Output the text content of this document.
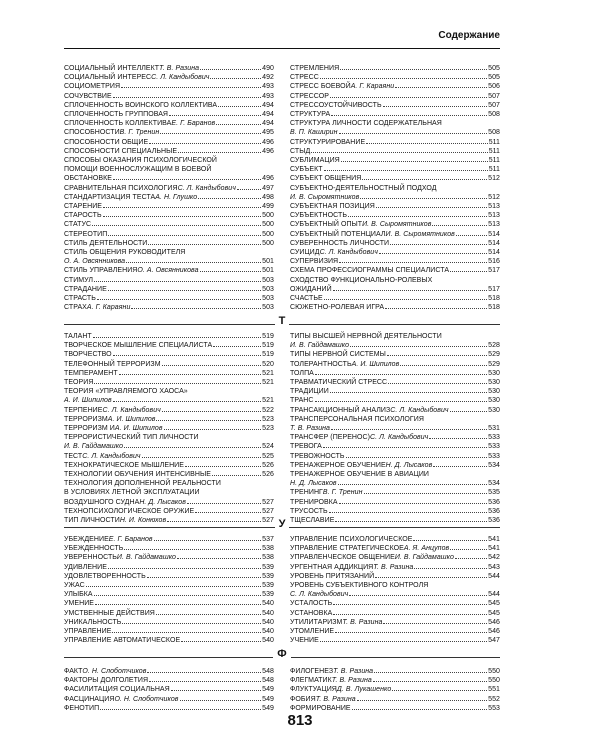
Содержание
СОЦИАЛЬНЫЙ ИНТЕЛЛЕКТ Т. В. Разина	490
СОЦИАЛЬНЫЙ ИНТЕРЕС С. Л. Кандыбович	492
СОЦИОМЕТРИЯ	493
СОЧУВСТВИЕ	493
СПЛОЧЕННОСТЬ ВОИНСКОГО КОЛЛЕКТИВА	494
СПЛОЧЕННОСТЬ ГРУППОВАЯ	494
СПЛОЧЕННОСТЬ КОЛЛЕКТИВА Е. Г. Баранов	494
СПОСОБНОСТИ В. Г. Тренин	495
СПОСОБНОСТИ ОБЩИЕ	496
СПОСОБНОСТИ СПЕЦИАЛЬНЫЕ	496
СПОСОБЫ ОКАЗАНИЯ ПСИХОЛОГИЧЕСКОЙ
ПОМОЩИ ВОЕННОСЛУЖАЩИМ В БОЕВОЙ
ОБСТАНОВКЕ	496
СРАВНИТЕЛЬНАЯ ПСИХОЛОГИЯ С. Л. Кандыбович	497
СТАНДАРТИЗАЦИЯ ТЕСТА А. Н. Глушко	498
СТАРЕНИЕ	499
СТАРОСТЬ	500
СТАТУС	500
СТЕРЕОТИП	500
СТИЛЬ ДЕЯТЕЛЬНОСТИ	500
СТИЛЬ ОБЩЕНИЯ РУКОВОДИТЕЛЯ
О. А. Овсянникова	501
СТИЛЬ УПРАВЛЕНИЯ О. А. Овсянникова	501
СТИМУЛ	503
СТРАДАНИЕ	503
СТРАСТЬ	503
СТРАХ А. Г. Караяни	503
СТРЕМЛЕНИЯ	505
СТРЕСС	505
СТРЕСС БОЕВОЙ А. Г. Караяни	506
СТРЕССОР	507
СТРЕССОУСТОЙЧИВОСТЬ	507
СТРУКТУРА	508
СТРУКТУРА ЛИЧНОСТИ СОДЕРЖАТЕЛЬНАЯ
В. П. Каширин	508
СТРУКТУРИРОВАНИЕ	511
СТЫД	511
СУБЛИМАЦИЯ	511
СУБЪЕКТ	511
СУБЪЕКТ ОБЩЕНИЯ	512
СУБЪЕКТНО-ДЕЯТЕЛЬНОСТНЫЙ ПОДХОД
И. В. Сыромятников	512
СУБЪЕКТНАЯ ПОЗИЦИЯ	513
СУБЪЕКТНОСТЬ	513
СУБЪЕКТНЫЙ ОПЫТ И. В. Сыромятников	513
СУБЪЕКТНЫЙ ПОТЕНЦИАЛ И. В. Сыромятников	514
СУВЕРЕННОСТЬ ЛИЧНОСТИ	514
СУИЦИД С. Л. Кандыбович	514
СУПЕРВИЗИЯ	516
СХЕМА ПРОФЕССИОГРАММЫ СПЕЦИАЛИСТА	517
СХОДСТВО ФУНКЦИОНАЛЬНО-РОЛЕВЫХ
ОЖИДАНИЙ	517
СЧАСТЬЕ	518
СЮЖЕТНО-РОЛЕВАЯ ИГРА	518
Т
ТАЛАНТ	519
ТВОРЧЕСКОЕ МЫШЛЕНИЕ СПЕЦИАЛИСТА	519
ТВОРЧЕСТВО	519
ТЕЛЕФОННЫЙ ТЕРРОРИЗМ	520
ТЕМПЕРАМЕНТ	521
ТЕОРИЯ	521
ТЕОРИЯ «УПРАВЛЯЕМОГО ХАОСА»
А. И. Шипилов	521
ТЕРПЕНИЕ С. Л. Кандыбович	522
ТЕРРОРИЗМ А. И. Шипилов	523
ТЕРРОРИЗМ И А. И. Шипилов	523
ТЕРРОРИСТИЧЕСКИЙ ТИП ЛИЧНОСТИ
И. В. Гайдамашко	524
ТЕСТ С. Л. Кандыбович	525
ТЕХНОКРАТИЧЕСКОЕ МЫШЛЕНИЕ	526
ТЕХНОЛОГИИ ОБУЧЕНИЯ ИНТЕНСИВНЫЕ	526
ТЕХНОЛОГИЯ ДОПОЛНЕННОЙ РЕАЛЬНОСТИ
В УСЛОВИЯХ ЛЕТНОЙ ЭКСПЛУАТАЦИИ
ВОЗДУШНОГО СУДНА Н. Д. Лысаков	527
ТЕХНОПСИХОЛОГИЧЕСКОЕ ОРУЖИЕ	527
ТИП ЛИЧНОСТИ Н. И. Конюхов	527
ТИПЫ ВЫСШЕЙ НЕРВНОЙ ДЕЯТЕЛЬНОСТИ
И. В. Гайдамашко	528
ТИПЫ НЕРВНОЙ СИСТЕМЫ	529
ТОЛЕРАНТНОСТЬ А. И. Шипилов	529
ТОЛПА	530
ТРАВМАТИЧЕСКИЙ СТРЕСС	530
ТРАДИЦИИ	530
ТРАНС	530
ТРАНСАКЦИОННЫЙ АНАЛИЗ С. Л. Кандыбович	530
ТРАНСПЕРСОНАЛЬНАЯ ПСИХОЛОГИЯ
Т. В. Разина	531
ТРАНСФЕР (ПЕРЕНОС) С. Л. Кандыбович	533
ТРЕВОГА	533
ТРЕВОЖНОСТЬ	533
ТРЕНАЖЕРНОЕ ОБУЧЕНИЕ Н. Д. Лысаков	534
ТРЕНАЖЕРНОЕ ОБУЧЕНИЕ В АВИАЦИИ
Н. Д. Лысаков	534
ТРЕНИНГ В. Г. Тренин	535
ТРЕНИРОВКА	536
ТРУСОСТЬ	536
ТЩЕСЛАВИЕ	536
У
УБЕЖДЕНИЕ Е. Г. Баранов	537
УБЕЖДЕННОСТЬ	538
УВЕРЕННОСТЬ И. В. Гайдамашко	538
УДИВЛЕНИЕ	539
УДОВЛЕТВОРЕННОСТЬ	539
УЖАС	539
УЛЫБКА	539
УМЕНИЕ	540
УМСТВЕННЫЕ ДЕЙСТВИЯ	540
УНИКАЛЬНОСТЬ	540
УПРАВЛЕНИЕ	540
УПРАВЛЕНИЕ АВТОМАТИЧЕСКОЕ	540
УПРАВЛЕНИЕ ПСИХОЛОГИЧЕСКОЕ	541
УПРАВЛЕНИЕ СТРАТЕГИЧЕСКОЕ А. Я. Анцупов	541
УПРАВЛЕНЧЕСКОЕ ОБЩЕНИЕ И. В. Гайдамашко	542
УРГЕНТНАЯ АДДИКЦИЯ Т. В. Разина	543
УРОВЕНЬ ПРИТЯЗАНИЙ	544
УРОВЕНЬ СУБЪЕКТИВНОГО КОНТРОЛЯ
С. Л. Кандыбович	544
УСТАЛОСТЬ	545
УСТАНОВКА	545
УТИЛИТАРИЗМ Т. В. Разина	546
УТОМЛЕНИЕ	546
УЧЕНИЕ	547
Ф
ФАКТ О. Н. Слоботчиков	548
ФАКТОРЫ ДОЛГОЛЕТИЯ	548
ФАСИЛИТАЦИЯ СОЦИАЛЬНАЯ	549
ФАСЦИНАЦИЯ О. Н. Слоботчиков	549
ФЕНОТИП	549
ФИЛОГЕНЕЗ Т. В. Разина	550
ФЛЕГМАТИК Т. В. Разина	550
ФЛУКТУАЦИЯ Д. В. Лукашенко	551
ФОБИЯ Т. В. Разина	552
ФОРМИРОВАНИЕ	553
813
